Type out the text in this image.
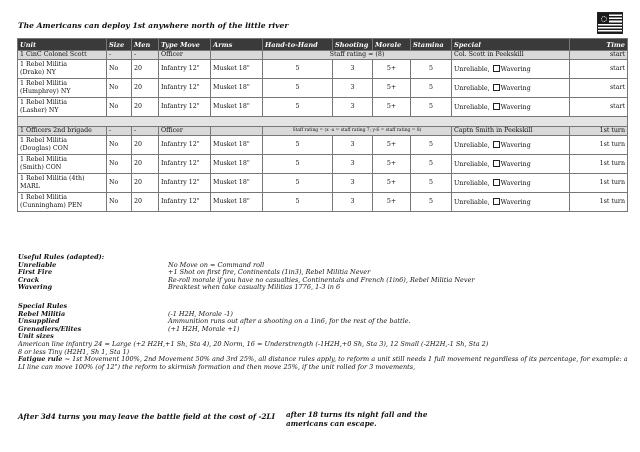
The Americans can deploy 1st anywhere north of the little river
Unit	Size	Men	Type Move	Arms	Hand-to-Hand	Shooting	Morale	Stamina	Special	Time
1 CinC Colonel Scott	-	-	Officer		Staff rating = (8)				Col. Scott in Peekskill	start

1 Rebel Militia
(Drake) NY	No	20	Infantry 12"	Musket 18"	5	3	5+	5	Unreliable, Wavering	start

1 Rebel Militia
(Humphrey) NY	No	20	Infantry 12"	Musket 18"	5	3	5+	5	Unreliable, Wavering	start

1 Rebel Militia
(Lasher) NY	No	20	Infantry 12"	Musket 18"	5	3	5+	5	Unreliable, Wavering	start

1 Officers 2nd brigade	-	-	Officer		Staff rating = (x -a = staff rating 7; y-6 = staff rating = 8)				Captn Smith in Peekskill	1st turn

1 Rebel Militia
(Douglas) CON	No	20	Infantry 12"	Musket 18"	5	3	5+	5	Unreliable, Wavering	1st turn

1 Rebel Militia
(Smith) CON	No	20	Infantry 12"	Musket 18"	5	3	5+	5	Unreliable, Wavering	1st turn

1 Rebel Militia (4th)
MARL	No	20	Infantry 12"	Musket 18"	5	3	5+	5	Unreliable, Wavering	1st turn

1 Rebel Militia
(Cunningham) PEN	No	20	Infantry 12"	Musket 18"	5	3	5+	5	Unreliable, Wavering	1st turn
Useful Rules (adapted):
Unreliable	No Move on = Command roll
First Fire	+1 Shot on first fire, Continentals (1in3), Rebel Militia Never
Crack	Re-roll morale if you have no casualties, Continentals and French (1in6), Rebel Militia Never
Wavering	Breaktest when take casualty Militias 1776, 1-3 in 6
Special Rules
Rebel Militia	(-1 H2H, Morale -1)
Unsupplied	Ammunition runs out after a shooting on a 1in6, for the rest of the battle.
Grenadiers/Elites	(+1 H2H, Morale +1)
Unit sizes
American line infantry 24 = Large (+2 H2H,+1 Sh, Sta 4), 20 Norm, 16 = Understrength (-1H2H,+0 Sh, Sta 3), 12 Small (-2H2H,-1 Sh, Sta 2)
8 or less Tiny (H2H1, Sh 1, Sta 1)
Fatigue rule ~ 1st Movement 100%, 2nd Movement 50% and 3rd 25%, all distance rules apply, to reform a unit still needs 1 full movement regardless of its percentage, for example: a LI line can move 100% (of 12") the reform to skirmish formation and then move 25%, if the unit rolled for 3 movements,
After 3d4 turns you may leave the battle field at the cost of -2LI after 18 turns its night fall and the americans can escape.
